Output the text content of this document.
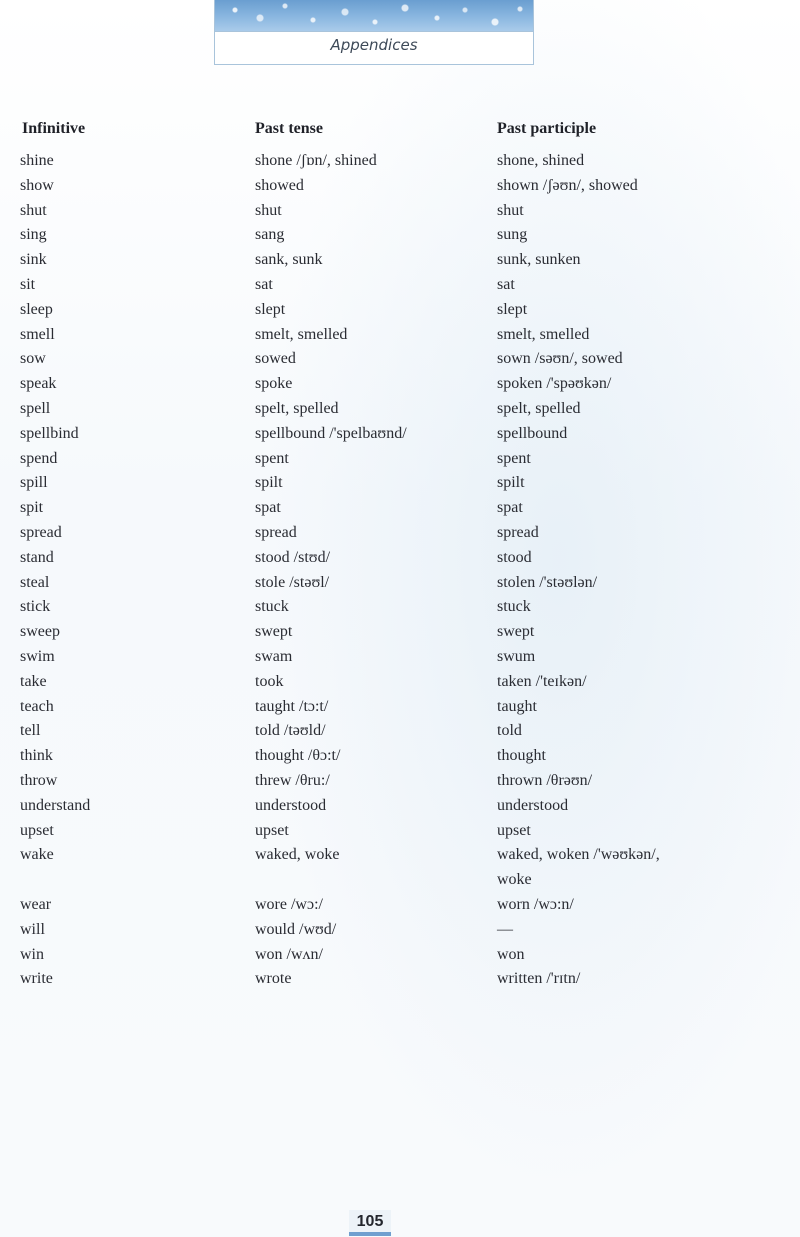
Appendices
Infinitive
shine
show
shut
sing
sink
sit
sleep
smell
sow
speak
spell
spellbind
spend
spill
spit
spread
stand
steal
stick
sweep
swim
take
teach
tell
think
throw
understand
upset
wake
wear
will
win
write
Past tense
shone /ʃɒn/, shined
showed
shut
sang
sank, sunk
sat
slept
smelt, smelled
sowed
spoke
spelt, spelled
spellbound /'spelbaʊnd/
spent
spilt
spat
spread
stood /stʊd/
stole /stəʊl/
stuck
swept
swam
took
taught /tɔ:t/
told /təʊld/
thought /θɔ:t/
threw /θru:/
understood
upset
waked, woke
wore /wɔ:/
would /wʊd/
won /wʌn/
wrote
Past participle
shone, shined
shown /ʃəʊn/, showed
shut
sung
sunk, sunken
sat
slept
smelt, smelled
sown /səʊn/, sowed
spoken /'spəʊkən/
spelt, spelled
spellbound
spent
spilt
spat
spread
stood
stolen /'stəʊlən/
stuck
swept
swum
taken /'teɪkən/
taught
told
thought
thrown /θrəʊn/
understood
upset
waked, woken /'wəʊkən/,
woke
worn /wɔ:n/
—
won
written /'rɪtn/
105
